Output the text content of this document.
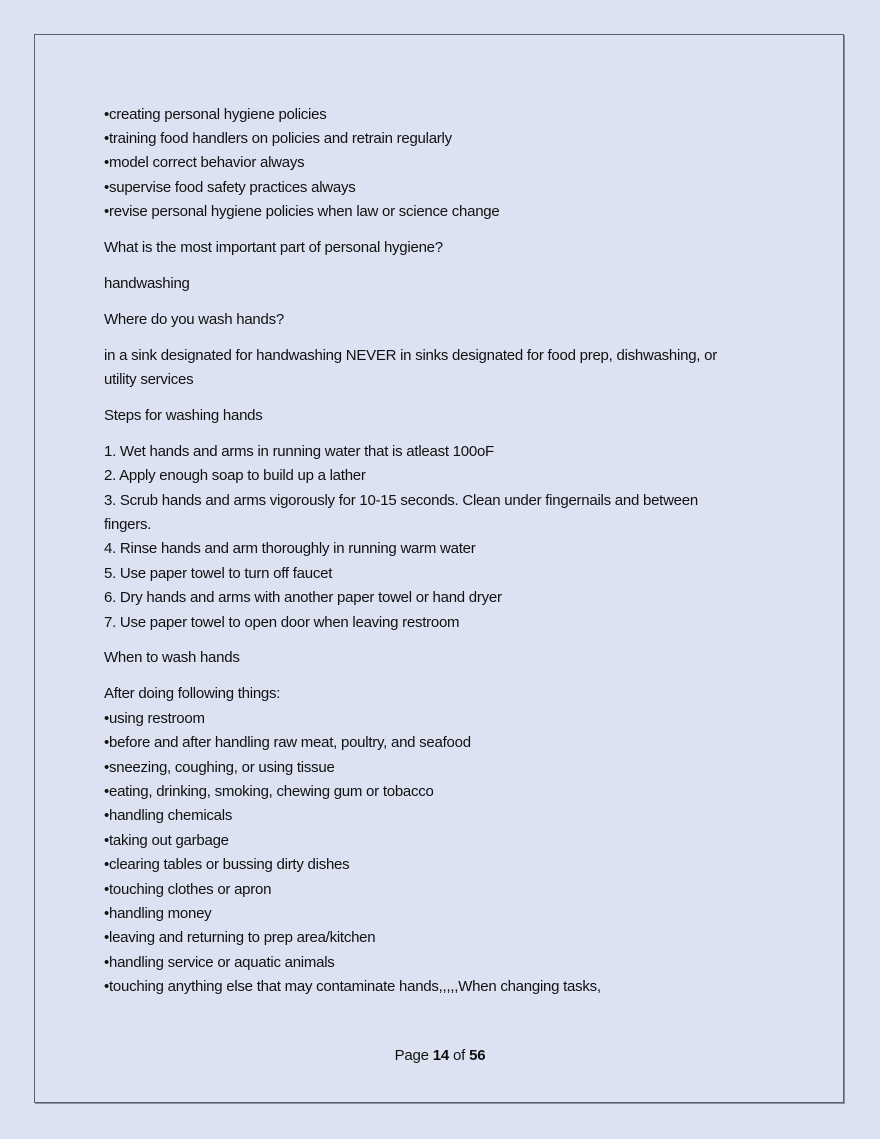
•creating personal hygiene policies
•training food handlers on policies and retrain regularly
•model correct behavior always
•supervise food safety practices always
•revise personal hygiene policies when law or science change
What is the most important part of personal hygiene?
handwashing
Where do you wash hands?
in a sink designated for handwashing NEVER in sinks designated for food prep, dishwashing, or
utility services
Steps for washing hands
1. Wet hands and arms in running water that is atleast 100oF
2. Apply enough soap to build up a lather
3. Scrub hands and arms vigorously for 10-15 seconds. Clean under fingernails and between
fingers.
4. Rinse hands and arm thoroughly in running warm water
5. Use paper towel to turn off faucet
6. Dry hands and arms with another paper towel or hand dryer
7. Use paper towel to open door when leaving restroom
When to wash hands
After doing following things:
•using restroom
•before and after handling raw meat, poultry, and seafood
•sneezing, coughing, or using tissue
•eating, drinking, smoking, chewing gum or tobacco
•handling chemicals
•taking out garbage
•clearing tables or bussing dirty dishes
•touching clothes or apron
•handling money
•leaving and returning to prep area/kitchen
•handling service or aquatic animals
•touching anything else that may contaminate hands,,,,,When changing tasks,
Page 14 of 56
